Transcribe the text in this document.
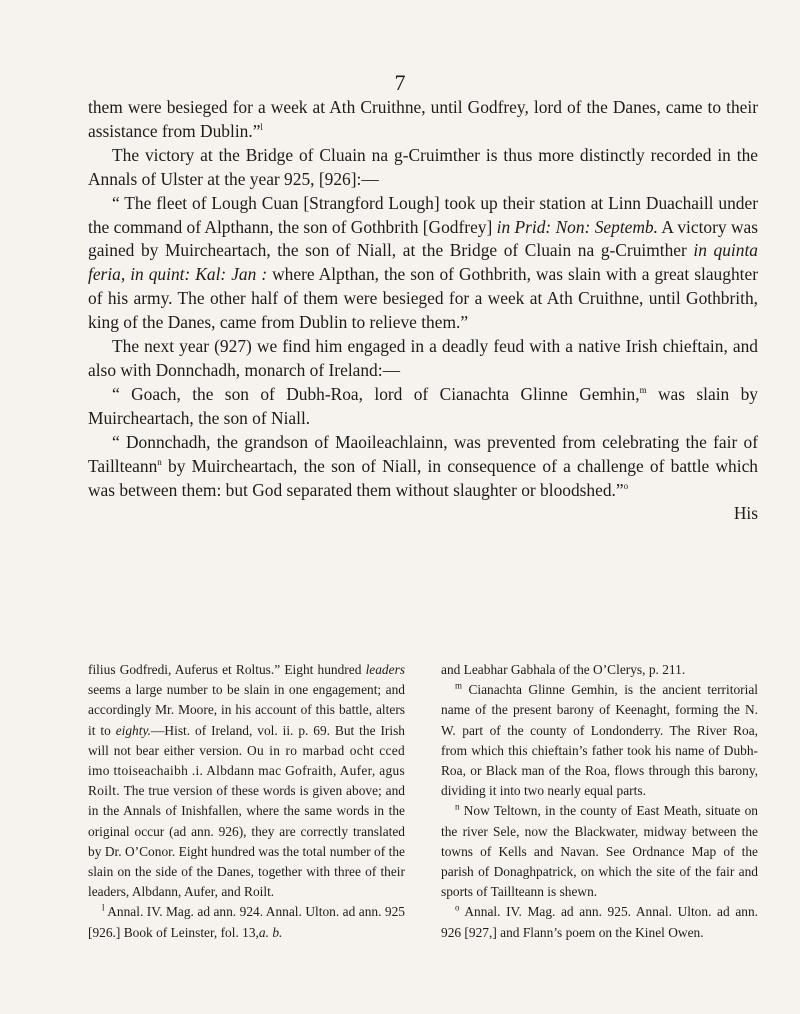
7

them were besieged for a week at Ath Cruithne, until Godfrey, lord of the Danes, came to their assistance from Dublin.”$^l$

The victory at the Bridge of Cluain na g-Cruimther is thus more distinctly recorded in the Annals of Ulster at the year 925, [926]:—

“ The fleet of Lough Cuan [Strangford Lough] took up their station at Linn Duachaill under the command of Alpthann, the son of Gothbrith [Godfrey] in Prid: Non: Septemb. A victory was gained by Muircheartach, the son of Niall, at the Bridge of Cluain na g-Cruimther in quinta feria, in quint: Kal: Jan : where Alpthan, the son of Gothbrith, was slain with a great slaughter of his army. The other half of them were besieged for a week at Ath Cruithne, until Gothbrith, king of the Danes, came from Dublin to relieve them.”

The next year (927) we find him engaged in a deadly feud with a native Irish chieftain, and also with Donnchadh, monarch of Ireland:—

“ Goach, the son of Dubh-Roa, lord of Cianachta Glinne Gemhin,$^m$ was slain by Muircheartach, the son of Niall.

“ Donnchadh, the grandson of Maoileachlainn, was prevented from celebrating the fair of Taillteann$^n$ by Muircheartach, the son of Niall, in consequence of a challenge of battle which was between them: but God separated them without slaughter or bloodshed.”$^o$

His

filius Godfredi, Auferus et Roltus.” Eight hundred leaders seems a large number to be slain in one engagement; and accordingly Mr. Moore, in his account of this battle, alters it to eighty.—Hist. of Ireland, vol. ii. p. 69. But the Irish will not bear either version. Ou in ro marbad ocht cced imo ttoiseachaibh .i. Albdann mac Gofraith, Aufer, agus Roilt. The true version of these words is given above; and in the Annals of Inishfallen, where the same words in the original occur (ad ann. 926), they are correctly translated by Dr. O’Conor. Eight hundred was the total number of the slain on the side of the Danes, together with three of their leaders, Albdann, Aufer, and Roilt.

$^l$ Annal. IV. Mag. ad ann. 924. Annal. Ulton. ad ann. 925 [926.] Book of Leinster, fol. 13,a. b.

and Leabhar Gabhala of the O’Clerys, p. 211.

$^m$ Cianachta Glinne Gemhin, is the ancient territorial name of the present barony of Keenaght, forming the N. W. part of the county of Londonderry. The River Roa, from which this chieftain’s father took his name of Dubh-Roa, or Black man of the Roa, flows through this barony, dividing it into two nearly equal parts.

$^n$ Now Teltown, in the county of East Meath, situate on the river Sele, now the Blackwater, midway between the towns of Kells and Navan. See Ordnance Map of the parish of Donaghpatrick, on which the site of the fair and sports of Taillteann is shewn.

$^o$ Annal. IV. Mag. ad ann. 925. Annal. Ulton. ad ann. 926 [927,] and Flann’s poem on the Kinel Owen.
